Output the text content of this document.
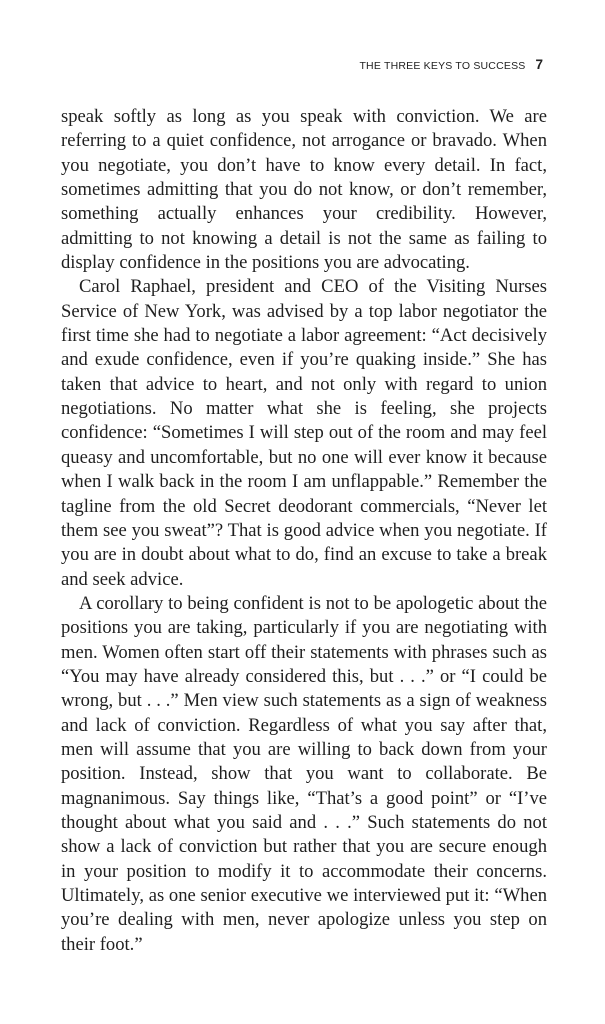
THE THREE KEYS TO SUCCESS 7

speak softly as long as you speak with conviction. We are referring to a quiet confidence, not arrogance or bravado. When you negotiate, you don’t have to know every detail. In fact, sometimes admitting that you do not know, or don’t remember, something actually enhances your credibility. However, admitting to not knowing a detail is not the same as failing to display confidence in the positions you are advocating.

Carol Raphael, president and CEO of the Visiting Nurses Service of New York, was advised by a top labor negotiator the first time she had to negotiate a labor agreement: “Act decisively and exude confidence, even if you’re quaking inside.” She has taken that advice to heart, and not only with regard to union negotiations. No matter what she is feeling, she projects confidence: “Sometimes I will step out of the room and may feel queasy and uncomfortable, but no one will ever know it because when I walk back in the room I am unflappable.” Remember the tagline from the old Secret deodorant commercials, “Never let them see you sweat”? That is good advice when you negotiate. If you are in doubt about what to do, find an excuse to take a break and seek advice.

A corollary to being confident is not to be apologetic about the positions you are taking, particularly if you are negotiating with men. Women often start off their statements with phrases such as “You may have already considered this, but . . .” or “I could be wrong, but . . .” Men view such statements as a sign of weakness and lack of conviction. Regardless of what you say after that, men will assume that you are willing to back down from your position. Instead, show that you want to collaborate. Be magnanimous. Say things like, “That’s a good point” or “I’ve thought about what you said and . . .” Such statements do not show a lack of conviction but rather that you are secure enough in your position to modify it to accommodate their concerns. Ultimately, as one senior executive we interviewed put it: “When you’re dealing with men, never apologize unless you step on their foot.”
